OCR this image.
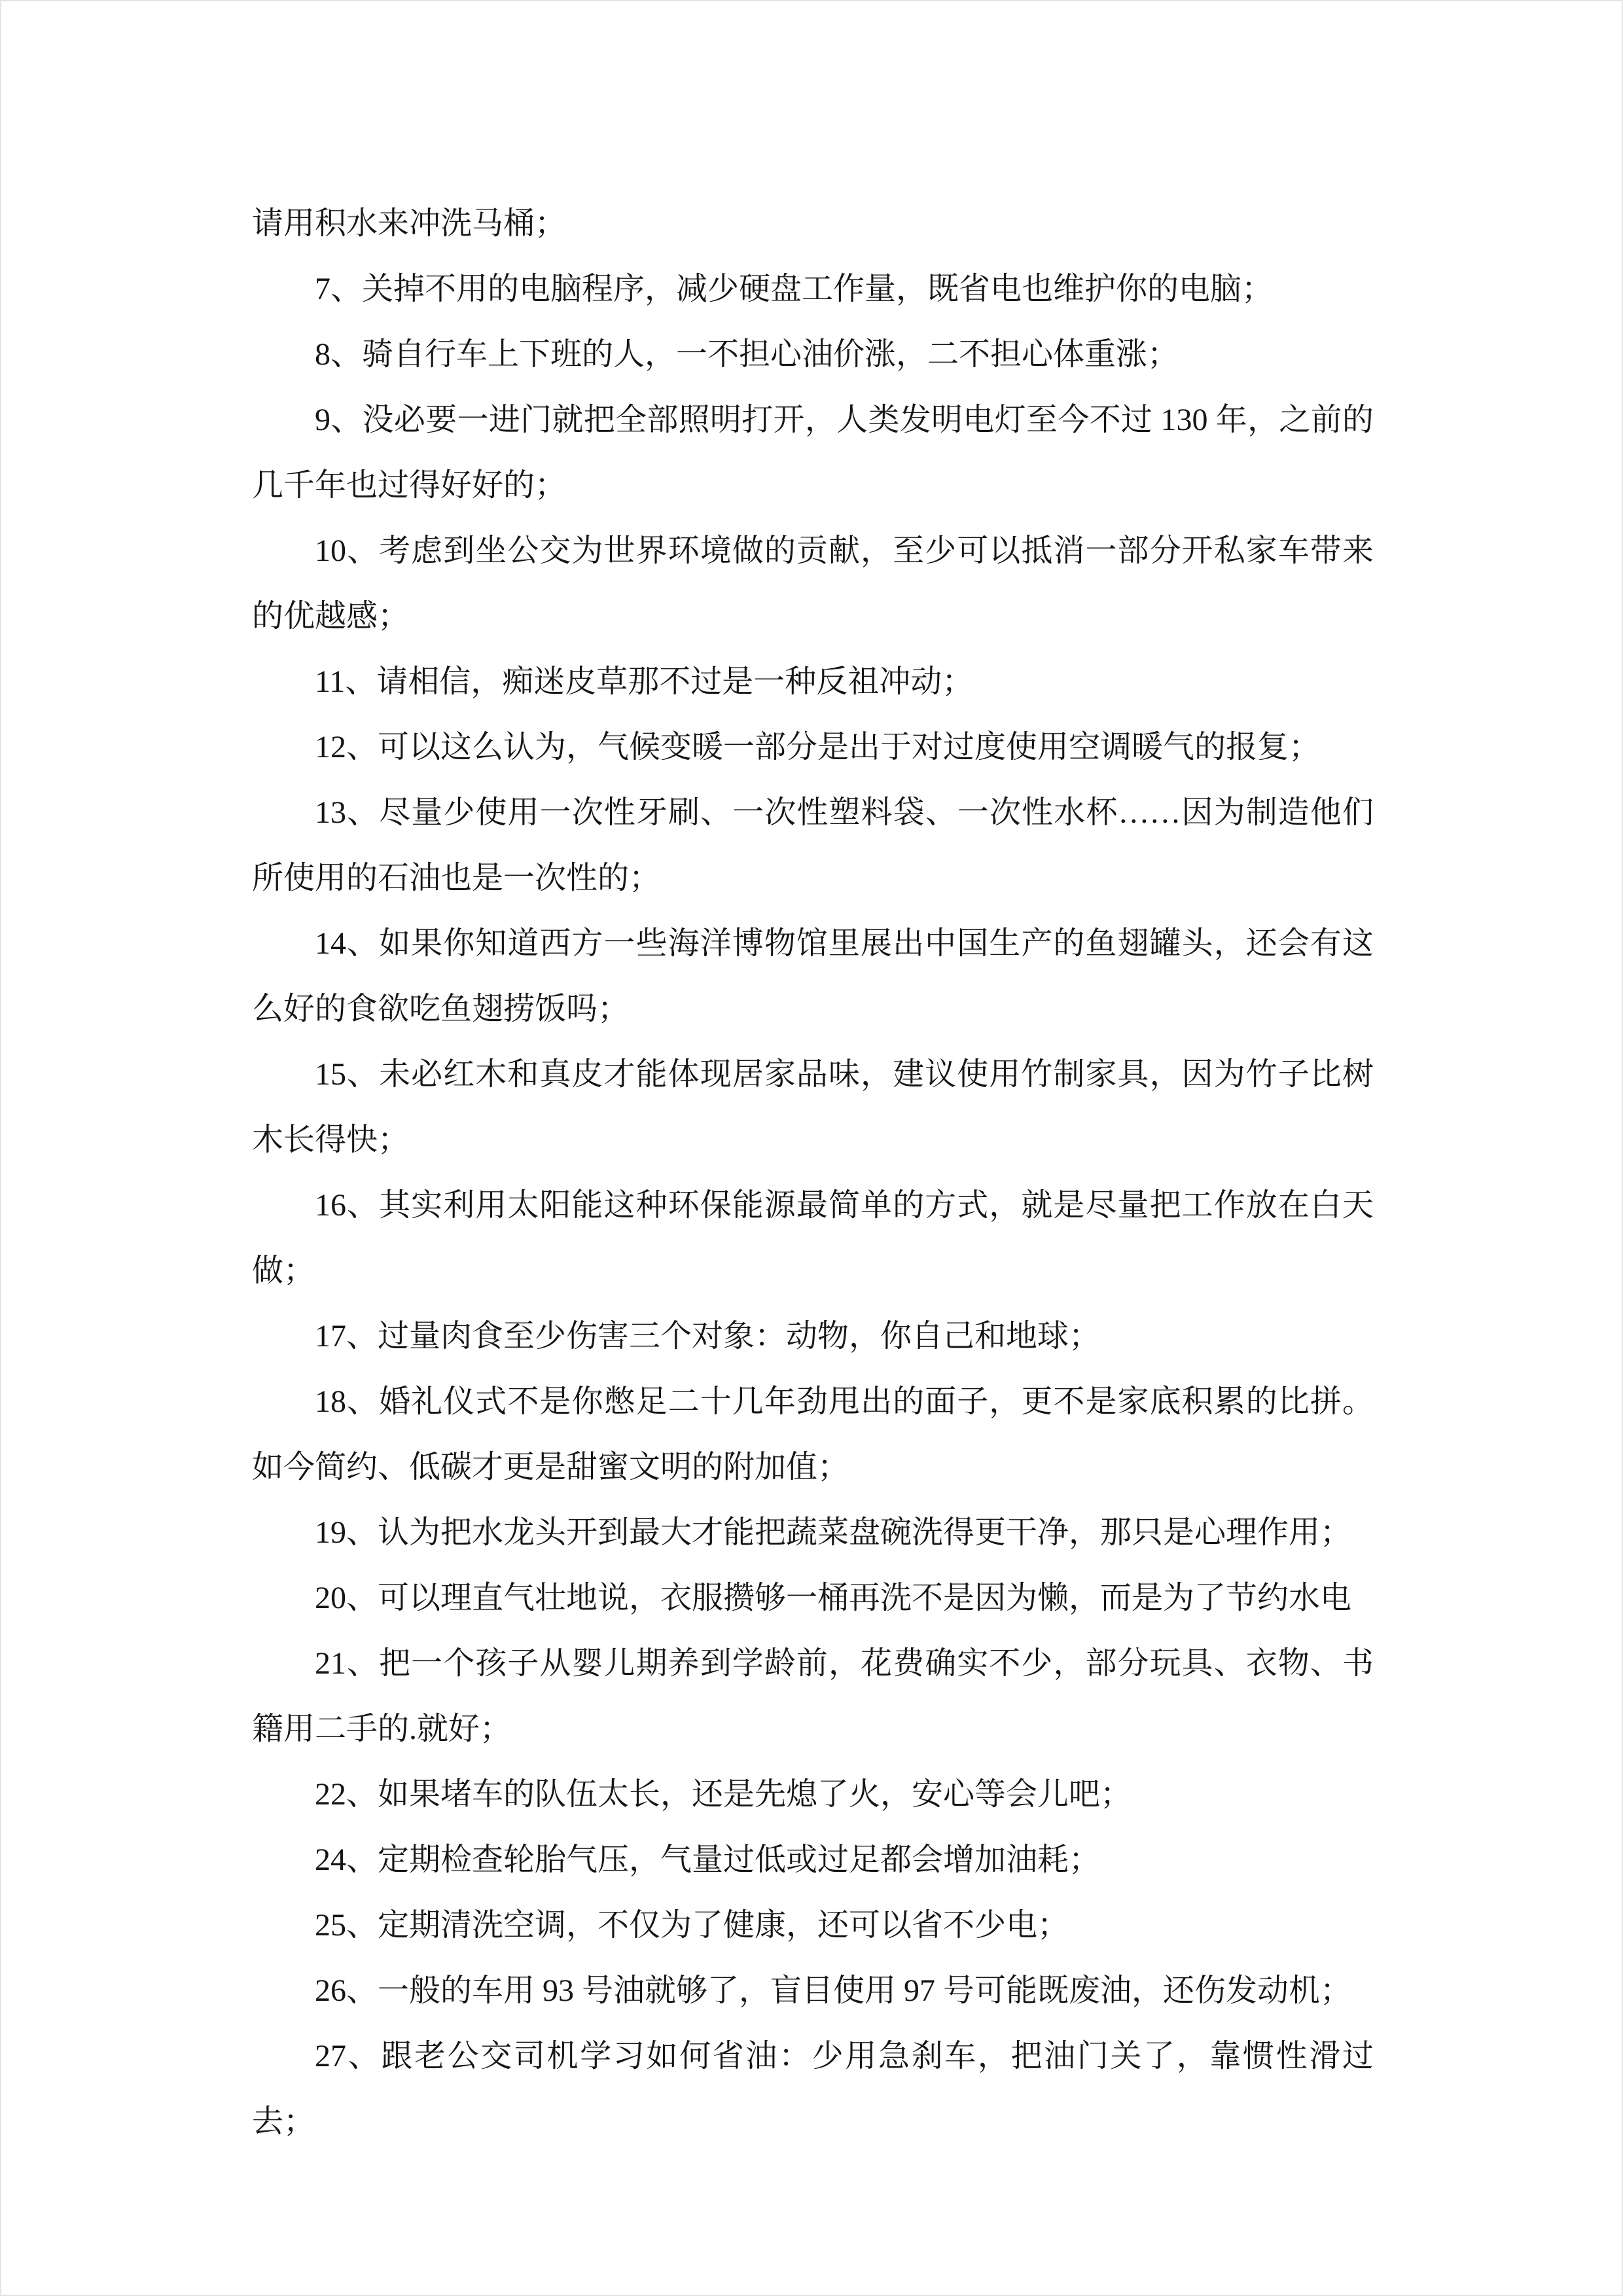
请用积水来冲洗马桶；

7、关掉不用的电脑程序，减少硬盘工作量，既省电也维护你的电脑；

8、骑自行车上下班的人，一不担心油价涨，二不担心体重涨；

9、没必要一进门就把全部照明打开，人类发明电灯至今不过 130 年，之前的几千年也过得好好的；

10、考虑到坐公交为世界环境做的贡献，至少可以抵消一部分开私家车带来的优越感；

11、请相信，痴迷皮草那不过是一种反祖冲动；

12、可以这么认为，气候变暖一部分是出于对过度使用空调暖气的报复；

13、尽量少使用一次性牙刷、一次性塑料袋、一次性水杯……因为制造他们所使用的石油也是一次性的；

14、如果你知道西方一些海洋博物馆里展出中国生产的鱼翅罐头，还会有这么好的食欲吃鱼翅捞饭吗；

15、未必红木和真皮才能体现居家品味，建议使用竹制家具，因为竹子比树木长得快；

16、其实利用太阳能这种环保能源最简单的方式，就是尽量把工作放在白天做；

17、过量肉食至少伤害三个对象：动物，你自己和地球；

18、婚礼仪式不是你憋足二十几年劲甩出的面子，更不是家底积累的比拼。如今简约、低碳才更是甜蜜文明的附加值；

19、认为把水龙头开到最大才能把蔬菜盘碗洗得更干净，那只是心理作用；

20、可以理直气壮地说，衣服攒够一桶再洗不是因为懒，而是为了节约水电

21、把一个孩子从婴儿期养到学龄前，花费确实不少，部分玩具、衣物、书籍用二手的.就好；

22、如果堵车的队伍太长，还是先熄了火，安心等会儿吧；

24、定期检查轮胎气压，气量过低或过足都会增加油耗；

25、定期清洗空调，不仅为了健康，还可以省不少电；

26、一般的车用 93 号油就够了，盲目使用 97 号可能既废油，还伤发动机；

27、跟老公交司机学习如何省油：少用急刹车，把油门关了，靠惯性滑过去；
